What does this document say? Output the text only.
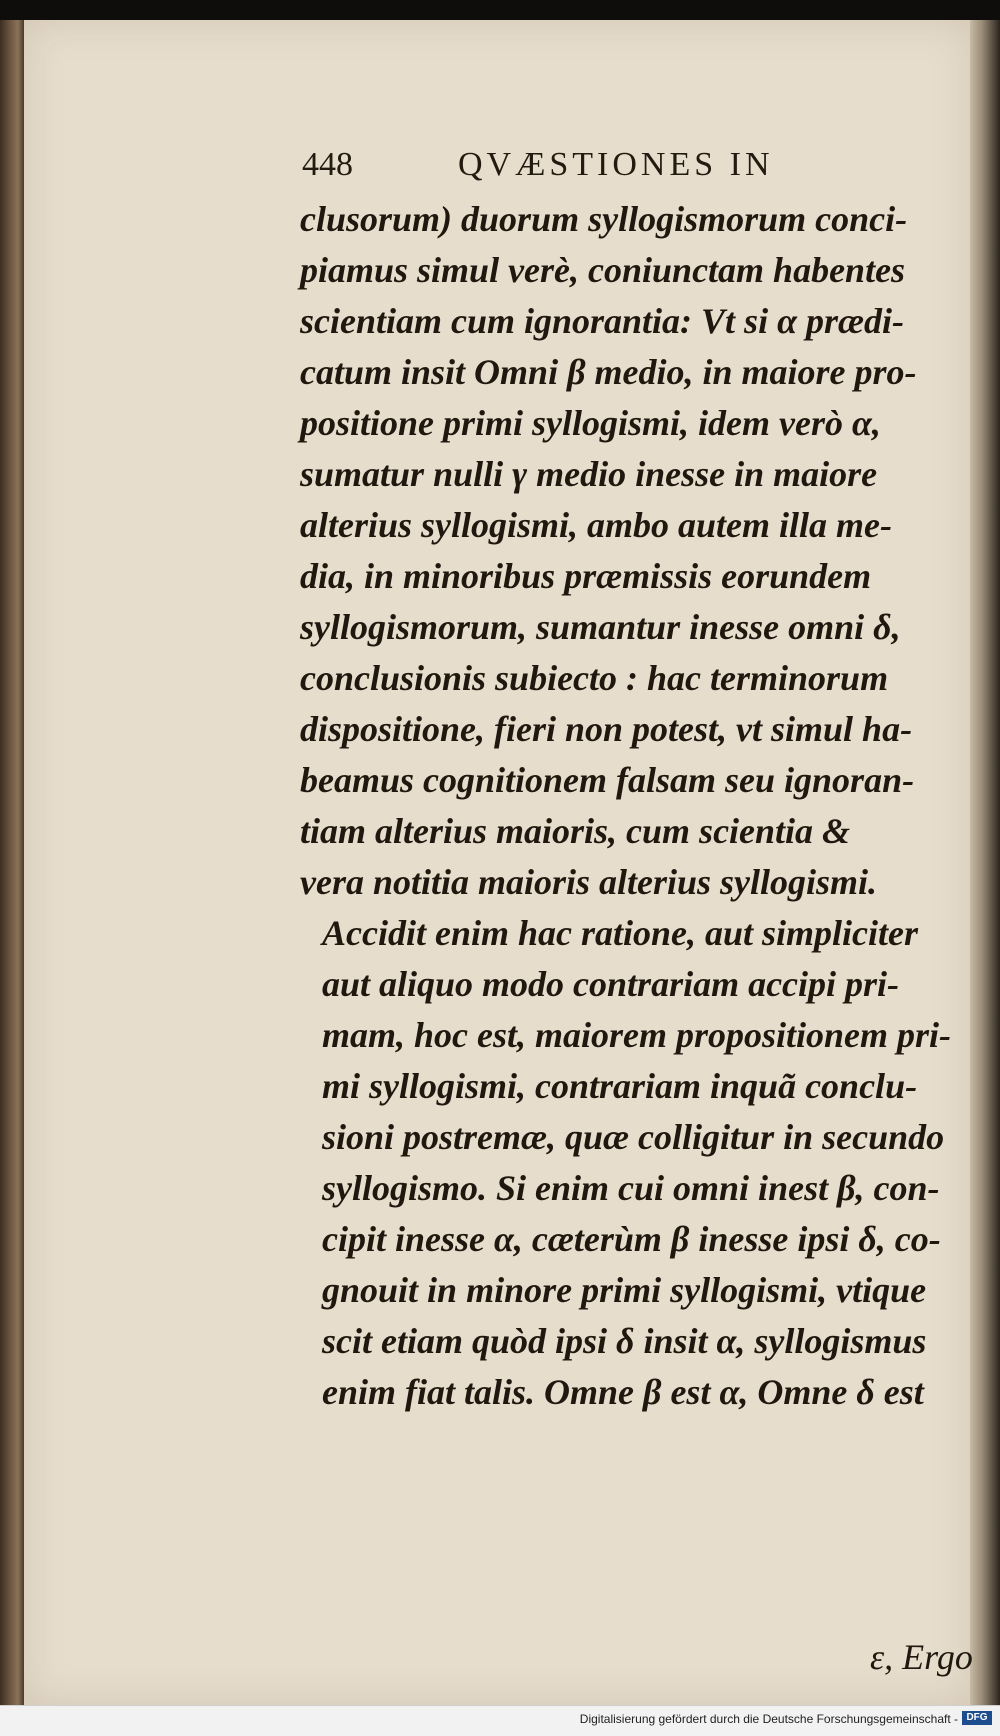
448	QVÆSTIONES IN
clusorum) duorum syllogismorum conci-
piamus simul verè, coniunctam habentes
scientiam cum ignorantia: Vt si α prædi-
catum insit Omni β medio, in maiore pro-
positione primi syllogismi, idem verò α,
sumatur nulli γ medio inesse in maiore
alterius syllogismi, ambo autem illa me-
dia, in minoribus præmissis eorundem
syllogismorum, sumantur inesse omni δ,
conclusionis subiecto : hac terminorum
dispositione, fieri non potest, vt simul ha-
beamus cognitionem falsam seu ignoran-
tiam alterius maioris, cum scientia &
vera notitia maioris alterius syllogismi.
Accidit enim hac ratione, aut simpliciter
aut aliquo modo contrariam accipi pri-
mam, hoc est, maiorem propositionem pri-
mi syllogismi, contrariam inquã conclu-
sioni postremæ, quæ colligitur in secundo
syllogismo. Si enim cui omni inest β, con-
cipit inesse α, cæterùm β inesse ipsi δ, co-
gnouit in minore primi syllogismi, vtique
scit etiam quòd ipsi δ insit α, syllogismus
enim fiat talis. Omne β est α, Omne δ est
ε, Ergo
Digitalisierung gefördert durch die Deutsche Forschungsgemeinschaft - DFG
